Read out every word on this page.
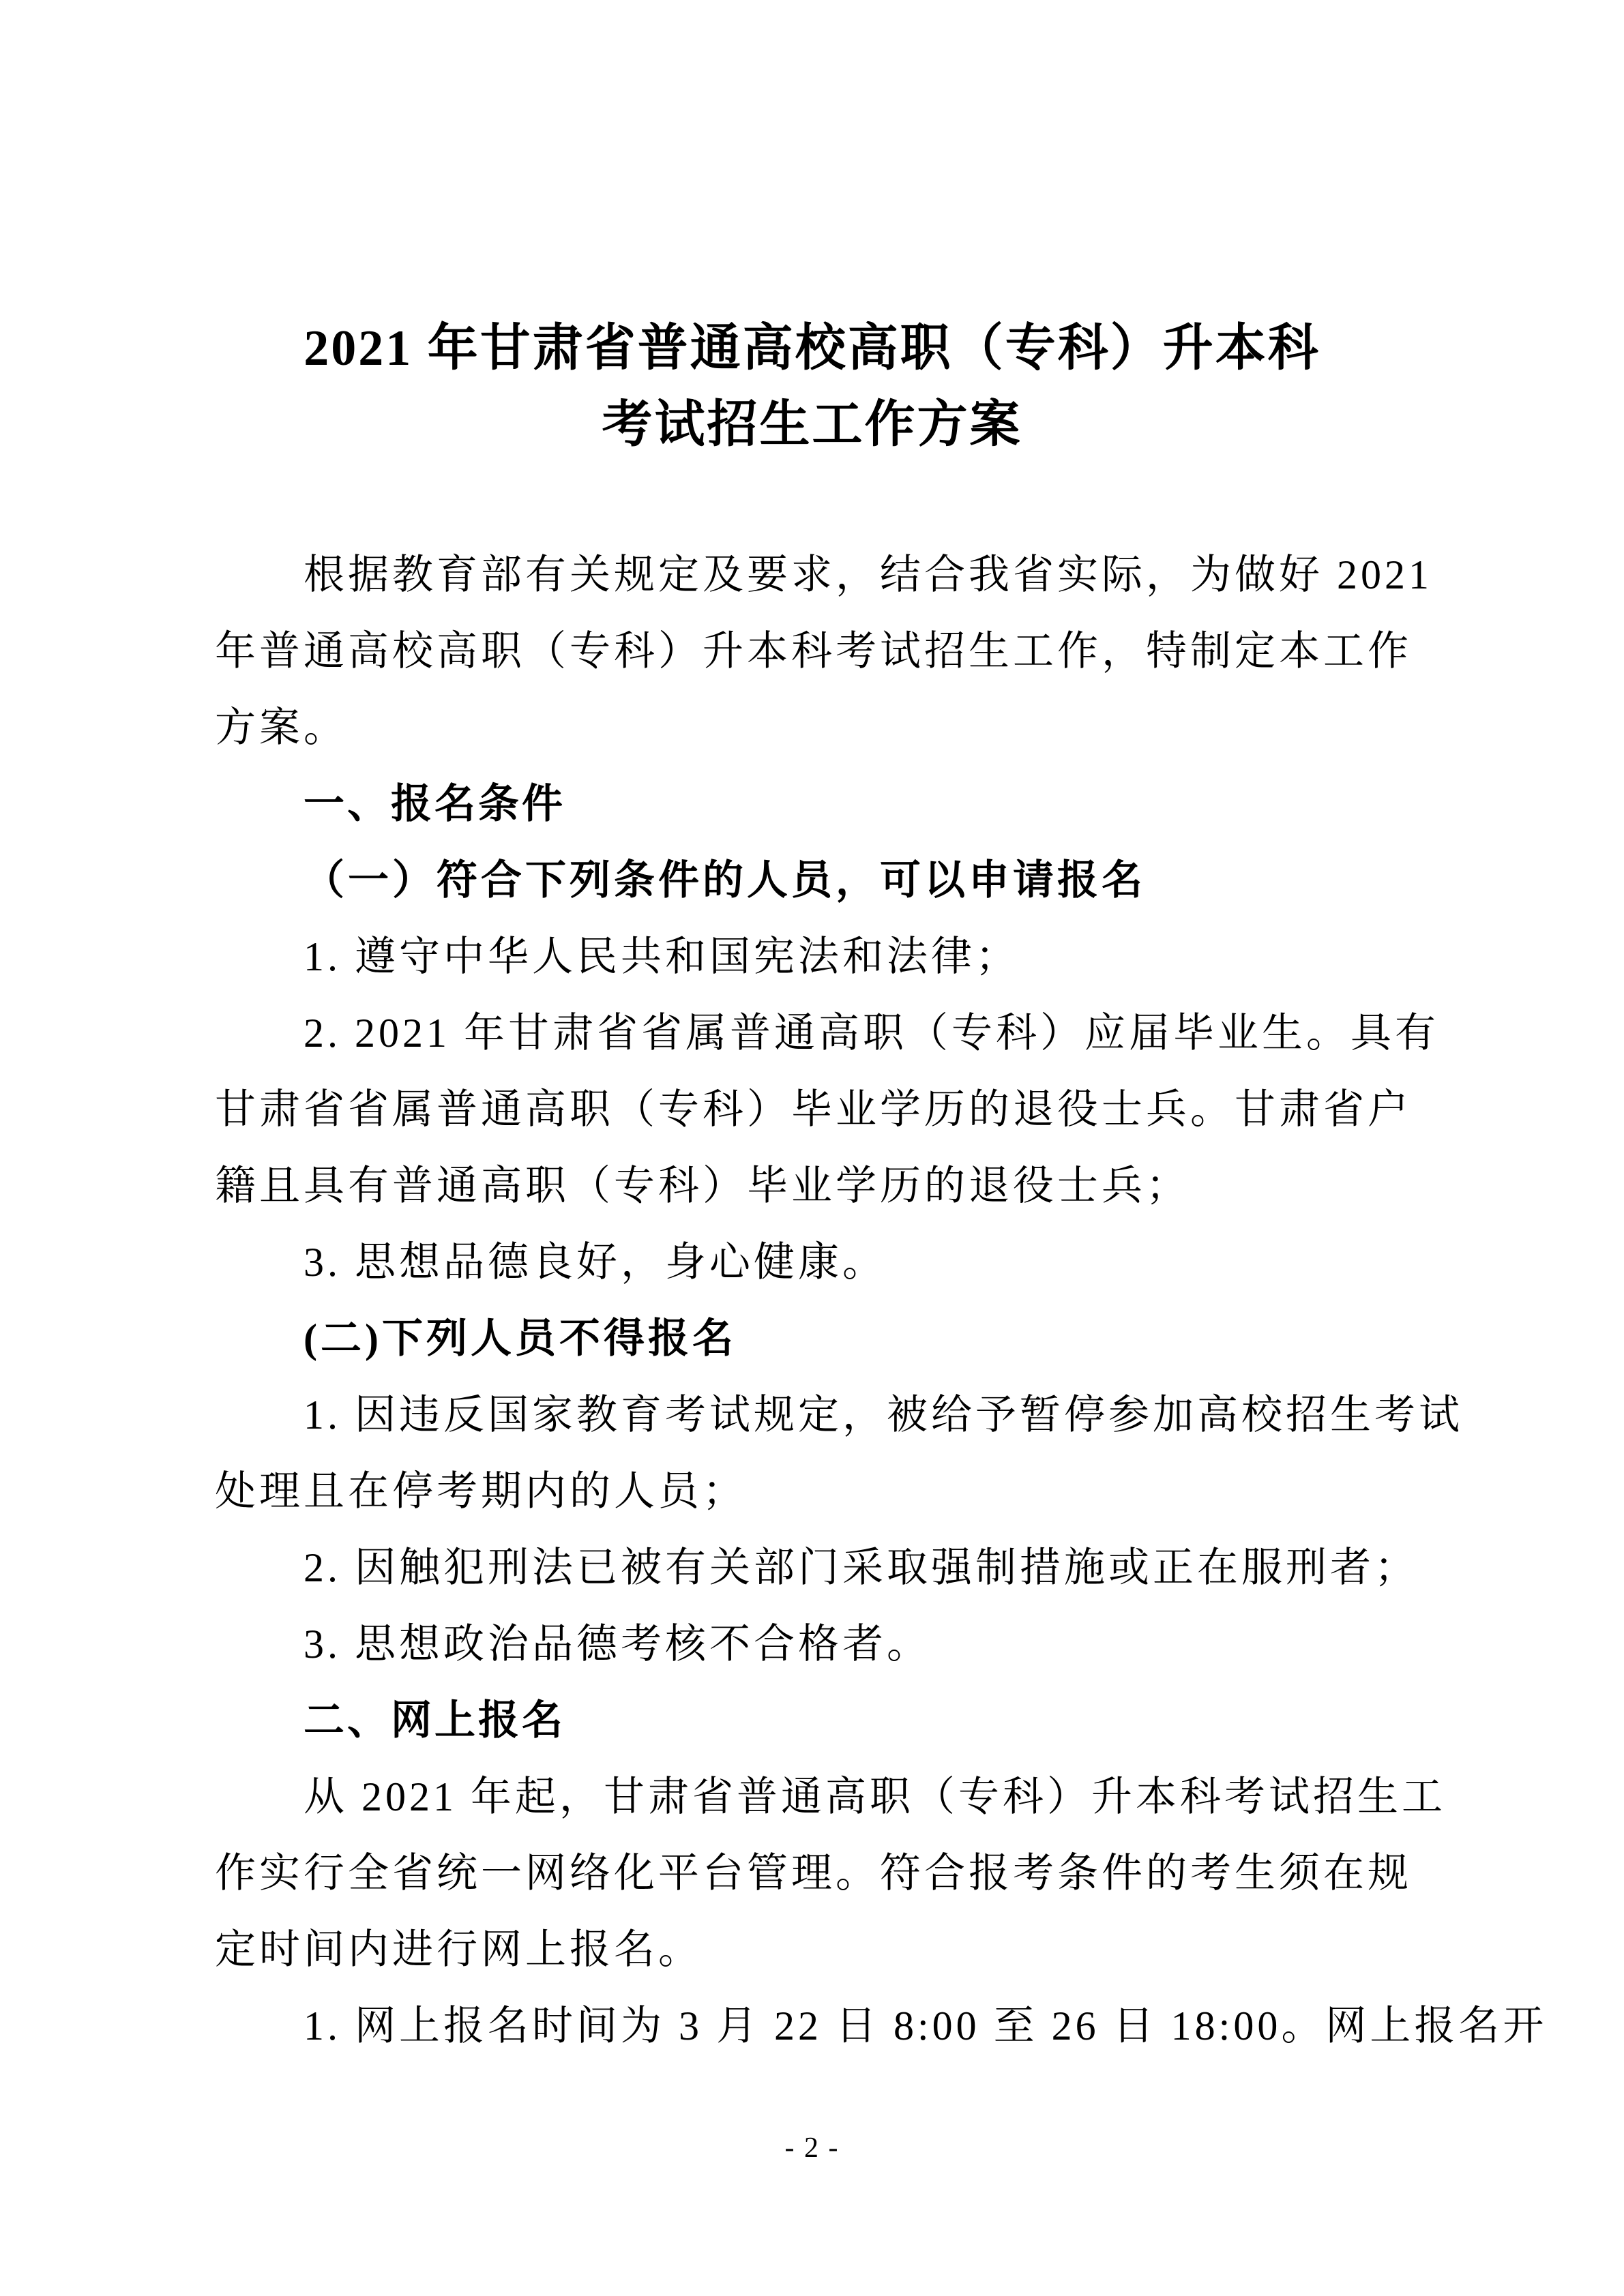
2021 年甘肃省普通高校高职（专科）升本科
考试招生工作方案
根据教育部有关规定及要求，结合我省实际，为做好 2021
年普通高校高职（专科）升本科考试招生工作，特制定本工作
方案。
一、报名条件
（一）符合下列条件的人员，可以申请报名
1. 遵守中华人民共和国宪法和法律；
2. 2021 年甘肃省省属普通高职（专科）应届毕业生。具有
甘肃省省属普通高职（专科）毕业学历的退役士兵。甘肃省户
籍且具有普通高职（专科）毕业学历的退役士兵；
3. 思想品德良好，身心健康。
(二)下列人员不得报名
1. 因违反国家教育考试规定，被给予暂停参加高校招生考试
处理且在停考期内的人员；
2. 因触犯刑法已被有关部门采取强制措施或正在服刑者；
3. 思想政治品德考核不合格者。
二、网上报名
从 2021 年起，甘肃省普通高职（专科）升本科考试招生工
作实行全省统一网络化平台管理。符合报考条件的考生须在规
定时间内进行网上报名。
1. 网上报名时间为 3 月 22 日 8:00 至 26 日 18:00。网上报名开
- 2 -
